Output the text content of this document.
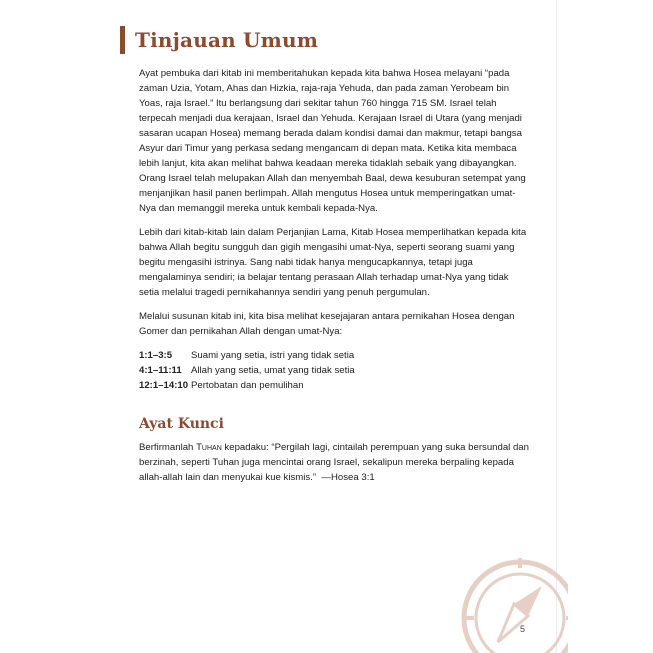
Tinjauan Umum

Ayat pembuka dari kitab ini memberitahukan kepada kita bahwa Hosea melayani “pada zaman Uzia, Yotam, Ahas dan Hizkia, raja-raja Yehuda, dan pada zaman Yerobeam bin Yoas, raja Israel.” Itu berlangsung dari sekitar tahun 760 hingga 715 SM. Israel telah terpecah menjadi dua kerajaan, Israel dan Yehuda. Kerajaan Israel di Utara (yang menjadi sasaran ucapan Hosea) memang berada dalam kondisi damai dan makmur, tetapi bangsa Asyur dari Timur yang perkasa sedang mengancam di depan mata. Ketika kita membaca lebih lanjut, kita akan melihat bahwa keadaan mereka tidaklah sebaik yang dibayangkan. Orang Israel telah melupakan Allah dan menyembah Baal, dewa kesuburan setempat yang menjanjikan hasil panen berlimpah. Allah mengutus Hosea untuk memperingatkan umat-Nya dan memanggil mereka untuk kembali kepada-Nya.

Lebih dari kitab-kitab lain dalam Perjanjian Lama, Kitab Hosea memperlihatkan kepada kita bahwa Allah begitu sungguh dan gigih mengasihi umat-Nya, seperti seorang suami yang begitu mengasihi istrinya. Sang nabi tidak hanya mengucapkannya, tetapi juga mengalaminya sendiri; ia belajar tentang perasaan Allah terhadap umat-Nya yang tidak setia melalui tragedi pernikahannya sendiri yang penuh pergumulan.

Melalui susunan kitab ini, kita bisa melihat kesejajaran antara pernikahan Hosea dengan Gomer dan pernikahan Allah dengan umat-Nya:

1:1–3:5	Suami yang setia, istri yang tidak setia
4:1–11:11 Allah yang setia, umat yang tidak setia
12:1–14:10 Pertobatan dan pemulihan
Ayat Kunci

Berfirmanlah Tuhan kepadaku: “Pergilah lagi, cintailah perempuan yang suka bersundal dan berzinah, seperti Tuhan juga mencintai orang Israel, sekalipun mereka berpaling kepada allah-allah lain dan menyukai kue kismis.” —Hosea 3:1

5
